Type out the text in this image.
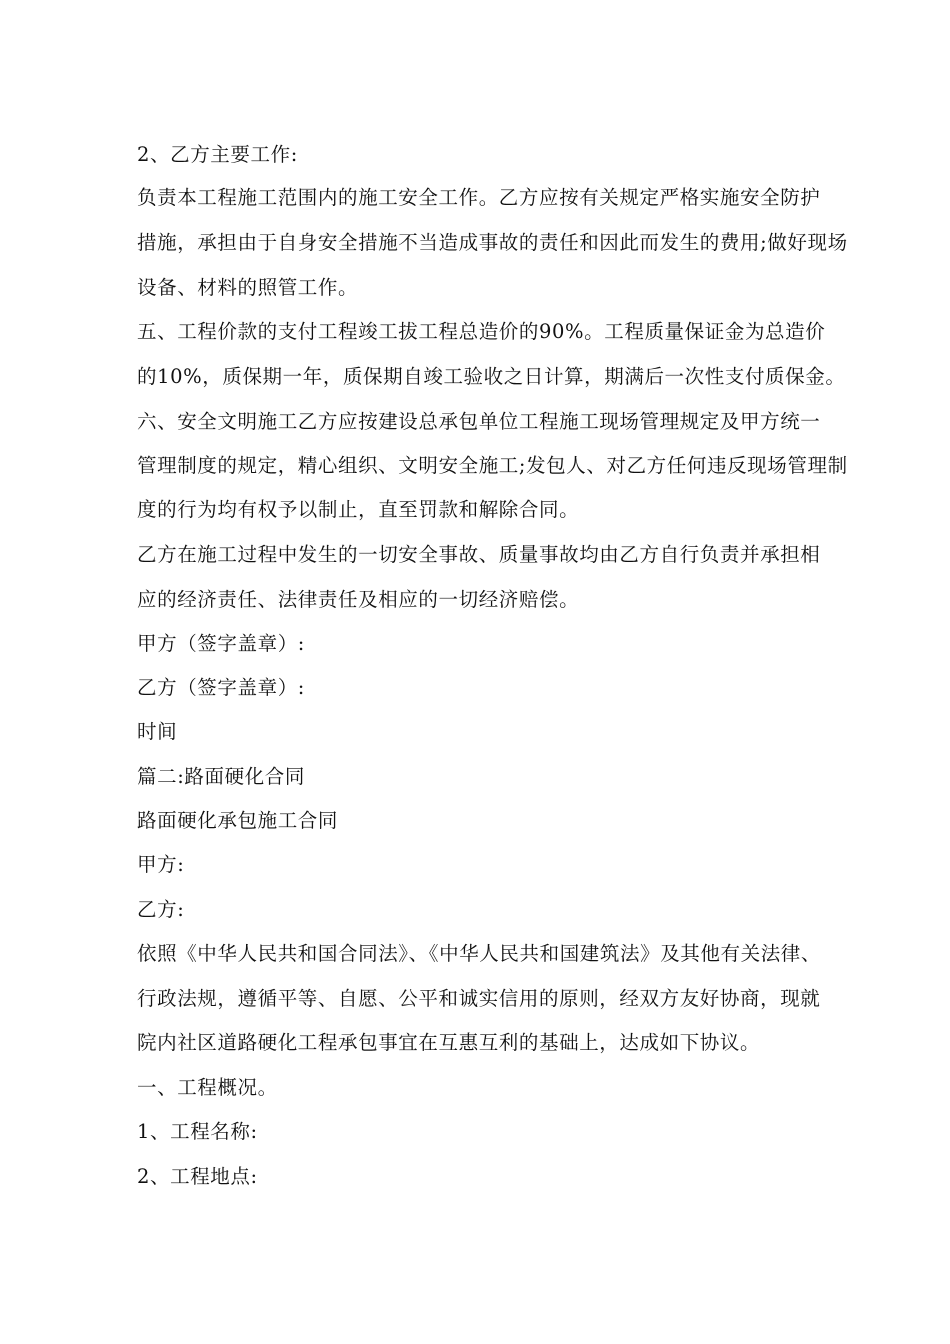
2、乙方主要工作:
负责本工程施工范围内的施工安全工作。乙方应按有关规定严格实施安全防护
措施，承担由于自身安全措施不当造成事故的责任和因此而发生的费用;做好现场
设备、材料的照管工作。
五、工程价款的支付工程竣工拔工程总造价的90%。工程质量保证金为总造价
的10%，质保期一年，质保期自竣工验收之日计算，期满后一次性支付质保金。
六、安全文明施工乙方应按建设总承包单位工程施工现场管理规定及甲方统一
管理制度的规定，精心组织、文明安全施工;发包人、对乙方任何违反现场管理制
度的行为均有权予以制止，直至罚款和解除合同。
乙方在施工过程中发生的一切安全事故、质量事故均由乙方自行负责并承担相
应的经济责任、法律责任及相应的一切经济赔偿。
甲方（签字盖章）:
乙方（签字盖章）:
时间
篇二:路面硬化合同
路面硬化承包施工合同
甲方:
乙方:
依照《中华人民共和国合同法》、《中华人民共和国建筑法》及其他有关法律、
行政法规，遵循平等、自愿、公平和诚实信用的原则，经双方友好协商，现就
院内社区道路硬化工程承包事宜在互惠互利的基础上，达成如下协议。
一、工程概况。
1、工程名称:
2、工程地点:
